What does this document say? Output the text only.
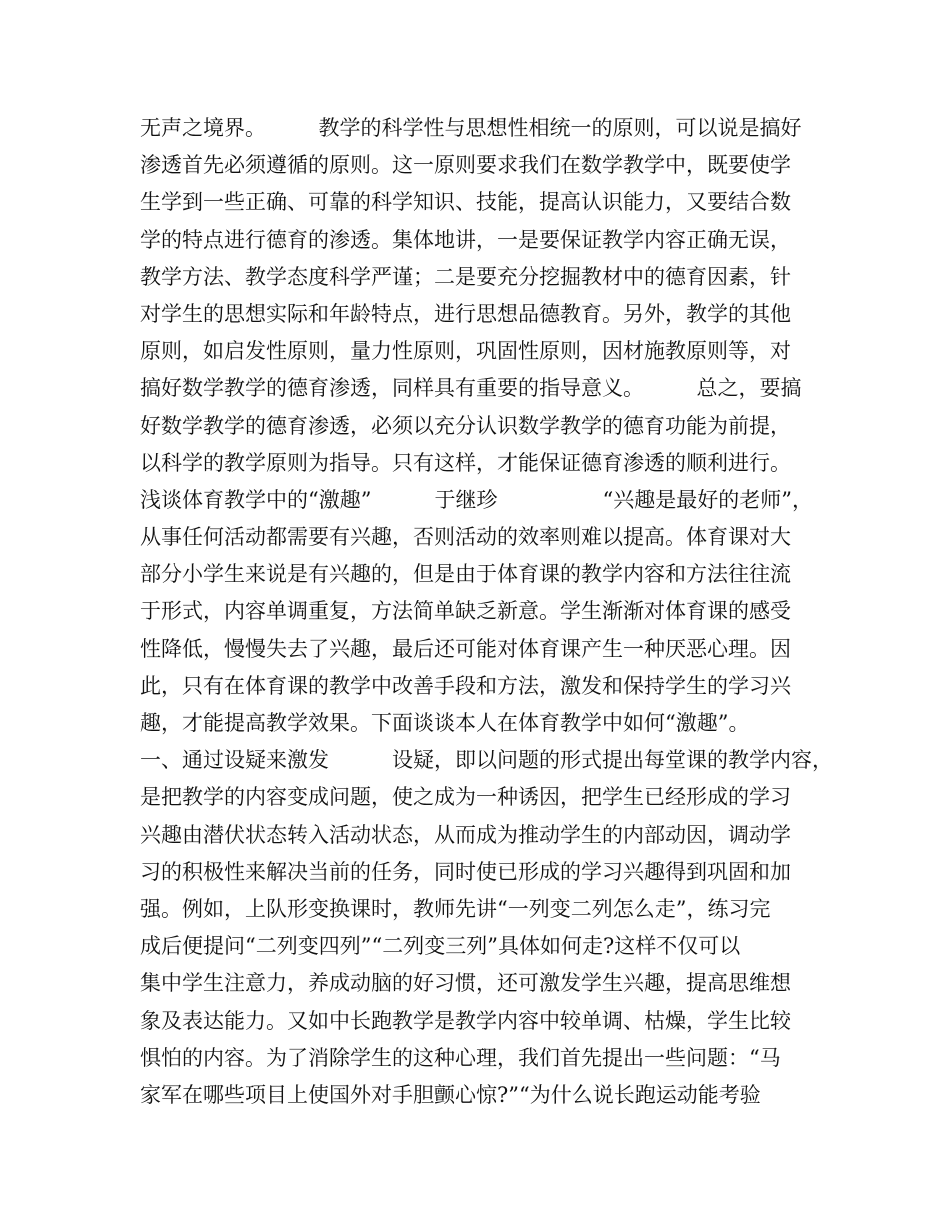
无声之境界。　　　教学的科学性与思想性相统一的原则，可以说是搞好
渗透首先必须遵循的原则。这一原则要求我们在数学教学中，既要使学
生学到一些正确、可靠的科学知识、技能，提高认识能力，又要结合数
学的特点进行德育的渗透。集体地讲，一是要保证教学内容正确无误，
教学方法、教学态度科学严谨；二是要充分挖掘教材中的德育因素，针
对学生的思想实际和年龄特点，进行思想品德教育。另外，教学的其他
原则，如启发性原则，量力性原则，巩固性原则，因材施教原则等，对
搞好数学教学的德育渗透，同样具有重要的指导意义。　　　总之，要搞
好数学教学的德育渗透，必须以充分认识数学教学的德育功能为前提，
以科学的教学原则为指导。只有这样，才能保证德育渗透的顺利进行。
浅谈体育教学中的“激趣”　　　于继珍　　　　　“兴趣是最好的老师”，
从事任何活动都需要有兴趣，否则活动的效率则难以提高。体育课对大
部分小学生来说是有兴趣的，但是由于体育课的教学内容和方法往往流
于形式，内容单调重复，方法简单缺乏新意。学生渐渐对体育课的感受
性降低，慢慢失去了兴趣，最后还可能对体育课产生一种厌恶心理。因
此，只有在体育课的教学中改善手段和方法，激发和保持学生的学习兴
趣，才能提高教学效果。下面谈谈本人在体育教学中如何“激趣”。
一、通过设疑来激发　　　设疑，即以问题的形式提出每堂课的教学内容，
是把教学的内容变成问题，使之成为一种诱因，把学生已经形成的学习
兴趣由潜伏状态转入活动状态，从而成为推动学生的内部动因，调动学
习的积极性来解决当前的任务，同时使已形成的学习兴趣得到巩固和加
强。例如，上队形变换课时，教师先讲“一列变二列怎么走”，练习完
成后便提问“二列变四列”“二列变三列”具体如何走?这样不仅可以
集中学生注意力，养成动脑的好习惯，还可激发学生兴趣，提高思维想
象及表达能力。又如中长跑教学是教学内容中较单调、枯燥，学生比较
惧怕的内容。为了消除学生的这种心理，我们首先提出一些问题：“马
家军在哪些项目上使国外对手胆颤心惊?”“为什么说长跑运动能考验
